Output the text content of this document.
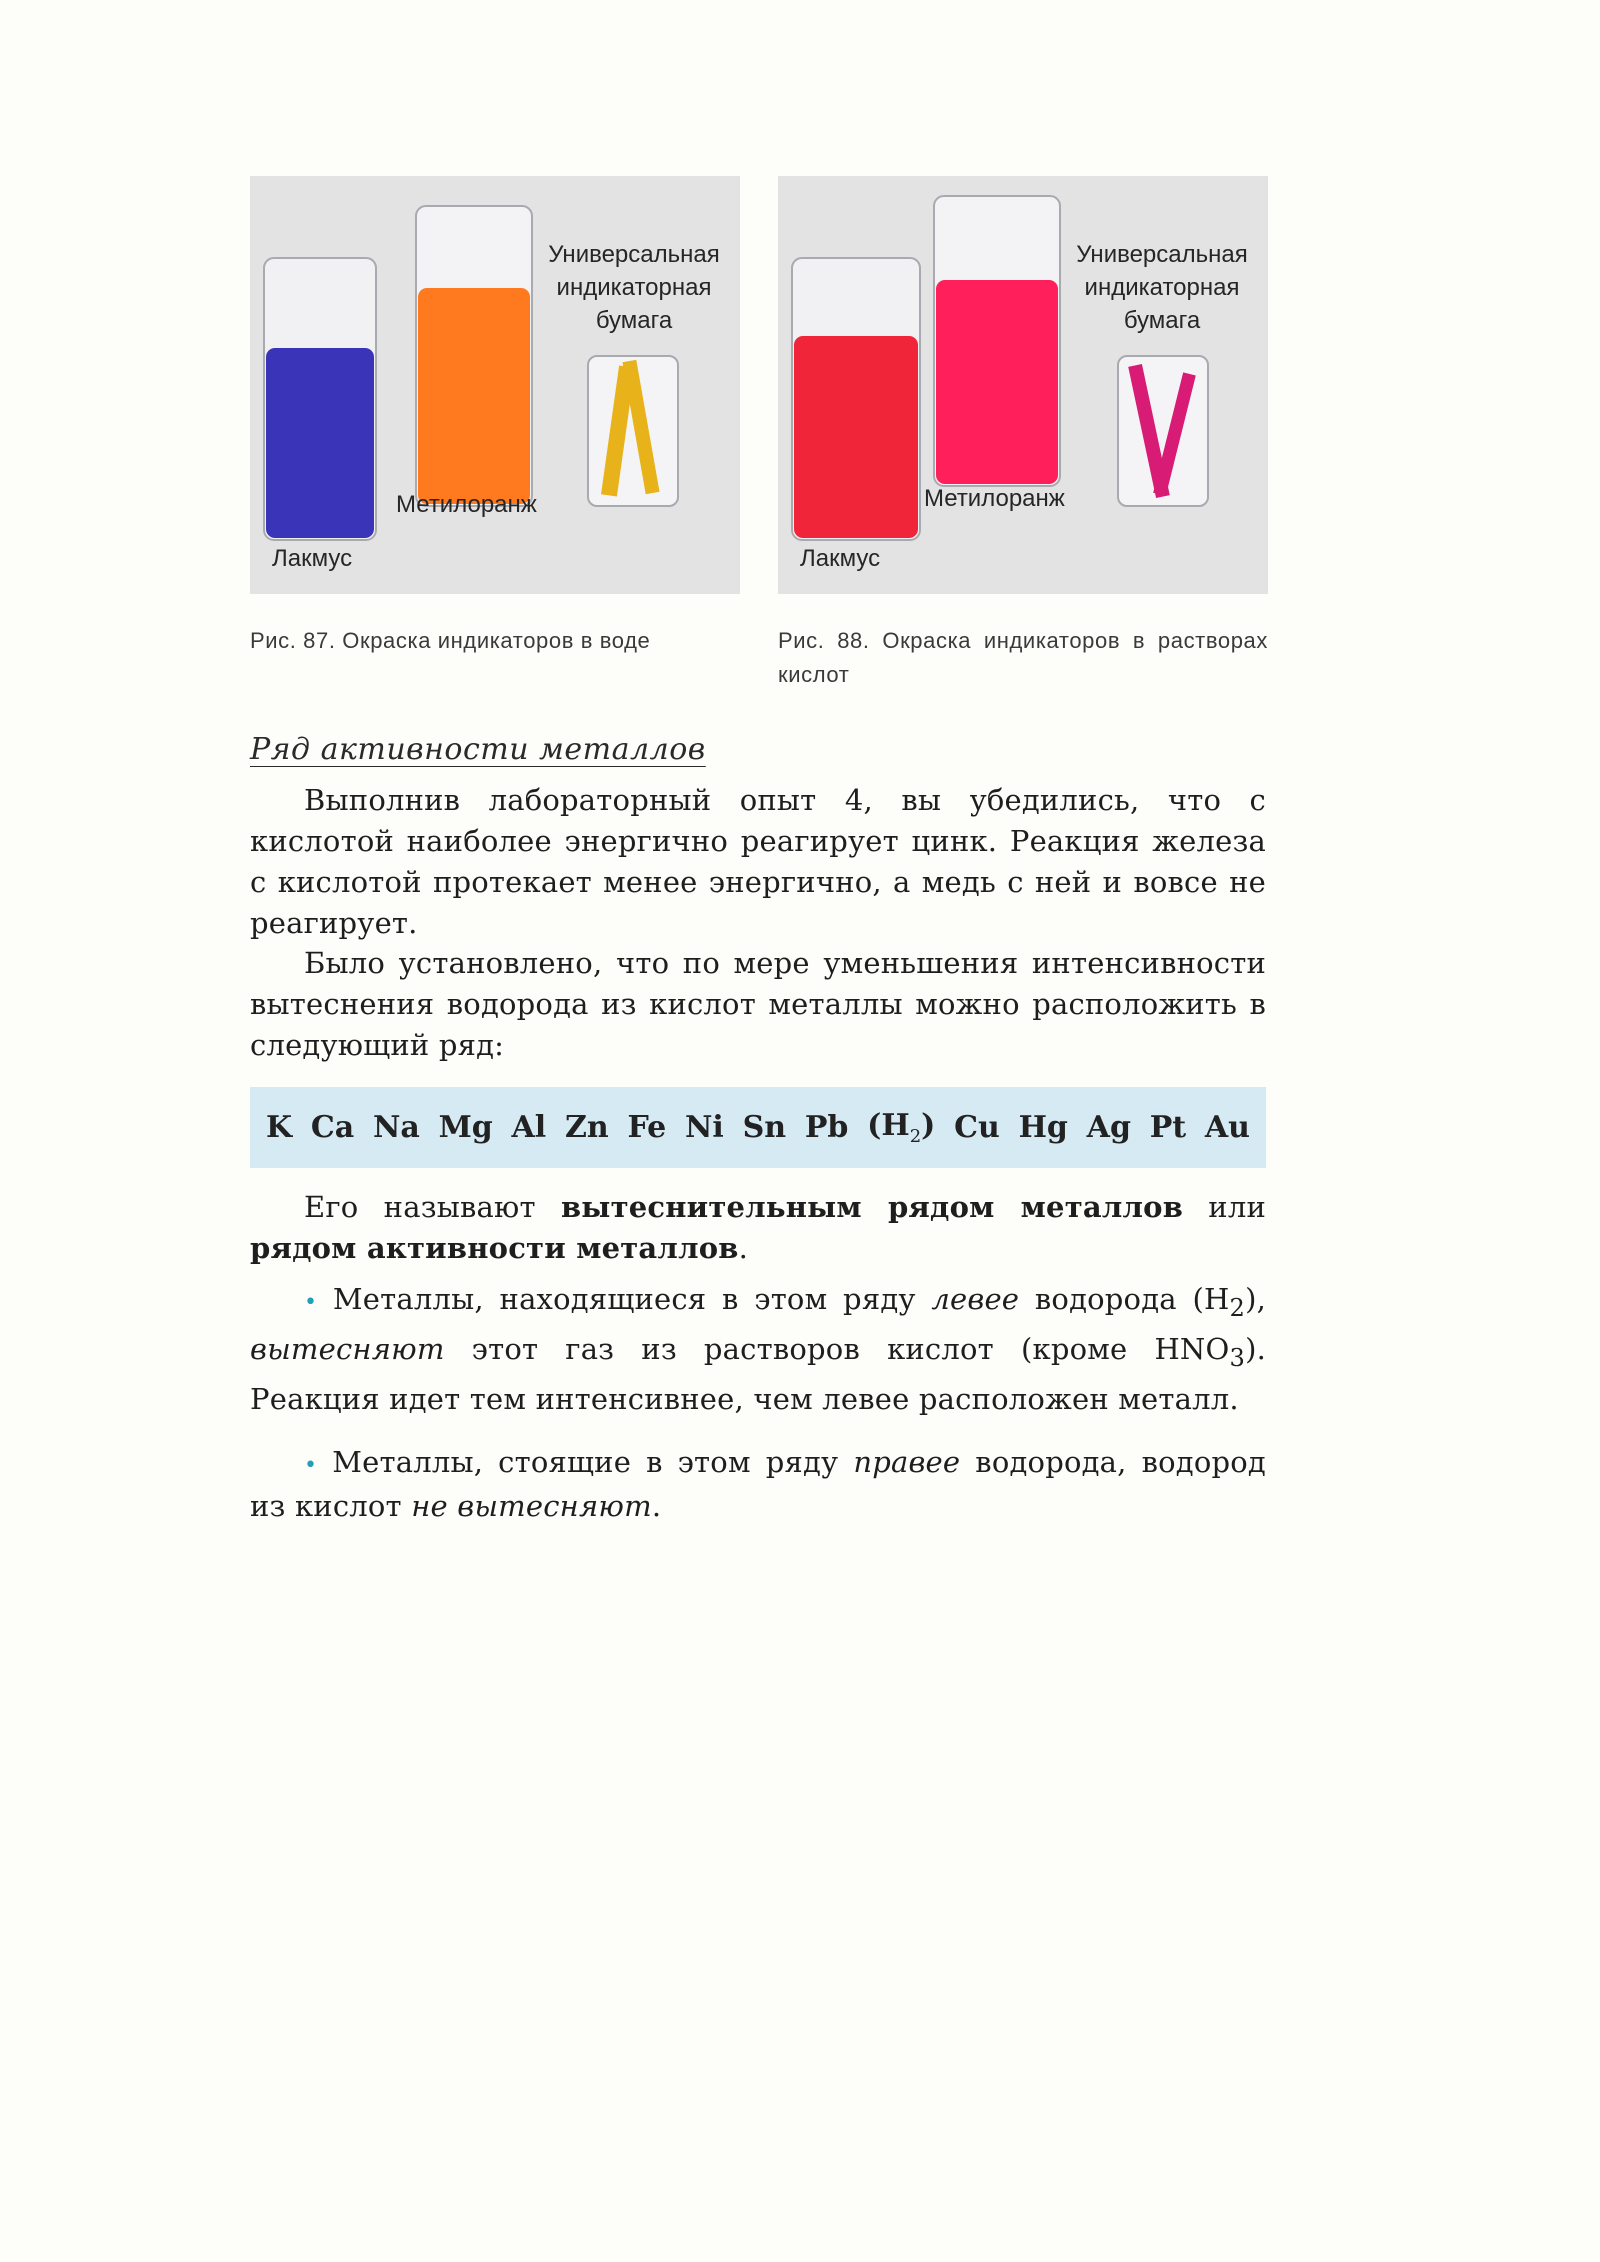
Универсальная индикаторная бумага
Метилоранж
Лакмус
Универсальная индикаторная бумага
Метилоранж
Лакмус
Рис. 87. Окраска индикаторов в воде	Рис. 88. Окраска индикаторов в растворах кислот
Ряд активности металлов

Выполнив лабораторный опыт 4, вы убедились, что с кислотой наиболее энергично реагирует цинк. Реакция железа с кислотой протекает менее энергично, а медь с ней и вовсе не реагирует.

Было установлено, что по мере уменьшения интенсивности вытеснения водорода из кислот металлы можно расположить в следующий ряд:

K Ca Na Mg Al Zn Fe Ni Sn Pb $(H_2)$ Cu Hg Ag Pt Au

Его называют вытеснительным рядом металлов или рядом активности металлов.

• Металлы, находящиеся в этом ряду левее водорода $(H_2)$, вытесняют этот газ из растворов кислот (кроме $HNO_3$). Реакция идет тем интенсивнее, чем левее расположен металл.

• Металлы, стоящие в этом ряду правее водорода, водород из кислот не вытесняют.
